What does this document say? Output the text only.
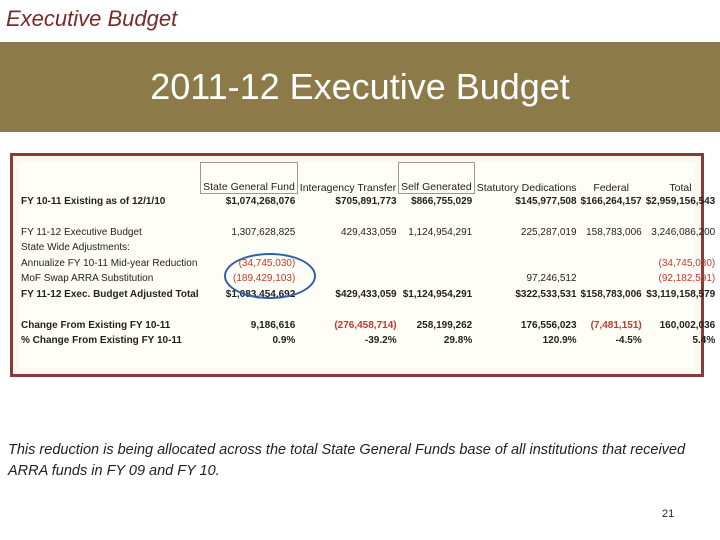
Executive Budget
2011-12 Executive Budget
	State General Fund	Interagency Transfer	Self Generated	Statutory Dedications	Federal	Total
FY 10-11 Existing as of 12/1/10	$1,074,268,076	$705,891,773	$866,755,029	$145,977,508	$166,264,157	$2,959,156,543

FY 11-12 Executive Budget	1,307,628,825	429,433,059	1,124,954,291	225,287,019	158,783,006	3,246,086,200
State Wide Adjustments:						
Annualize FY 10-11 Mid-year Reduction	(34,745,030)					(34,745,030)
MoF Swap ARRA Substitution	(189,429,103)			97,246,512		(92,182,591)
FY 11-12 Exec. Budget Adjusted Total	$1,083,454,692	$429,433,059	$1,124,954,291	$322,533,531	$158,783,006	$3,119,158,579

Change From Existing FY 10-11	9,186,616	(276,458,714)	258,199,262	176,556,023	(7,481,151)	160,002,036
% Change From Existing FY 10-11	0.9%	-39.2%	29.8%	120.9%	-4.5%	5.4%
This reduction is being allocated across the total State General Funds base of all institutions that received ARRA funds in FY 09 and FY 10.
21
